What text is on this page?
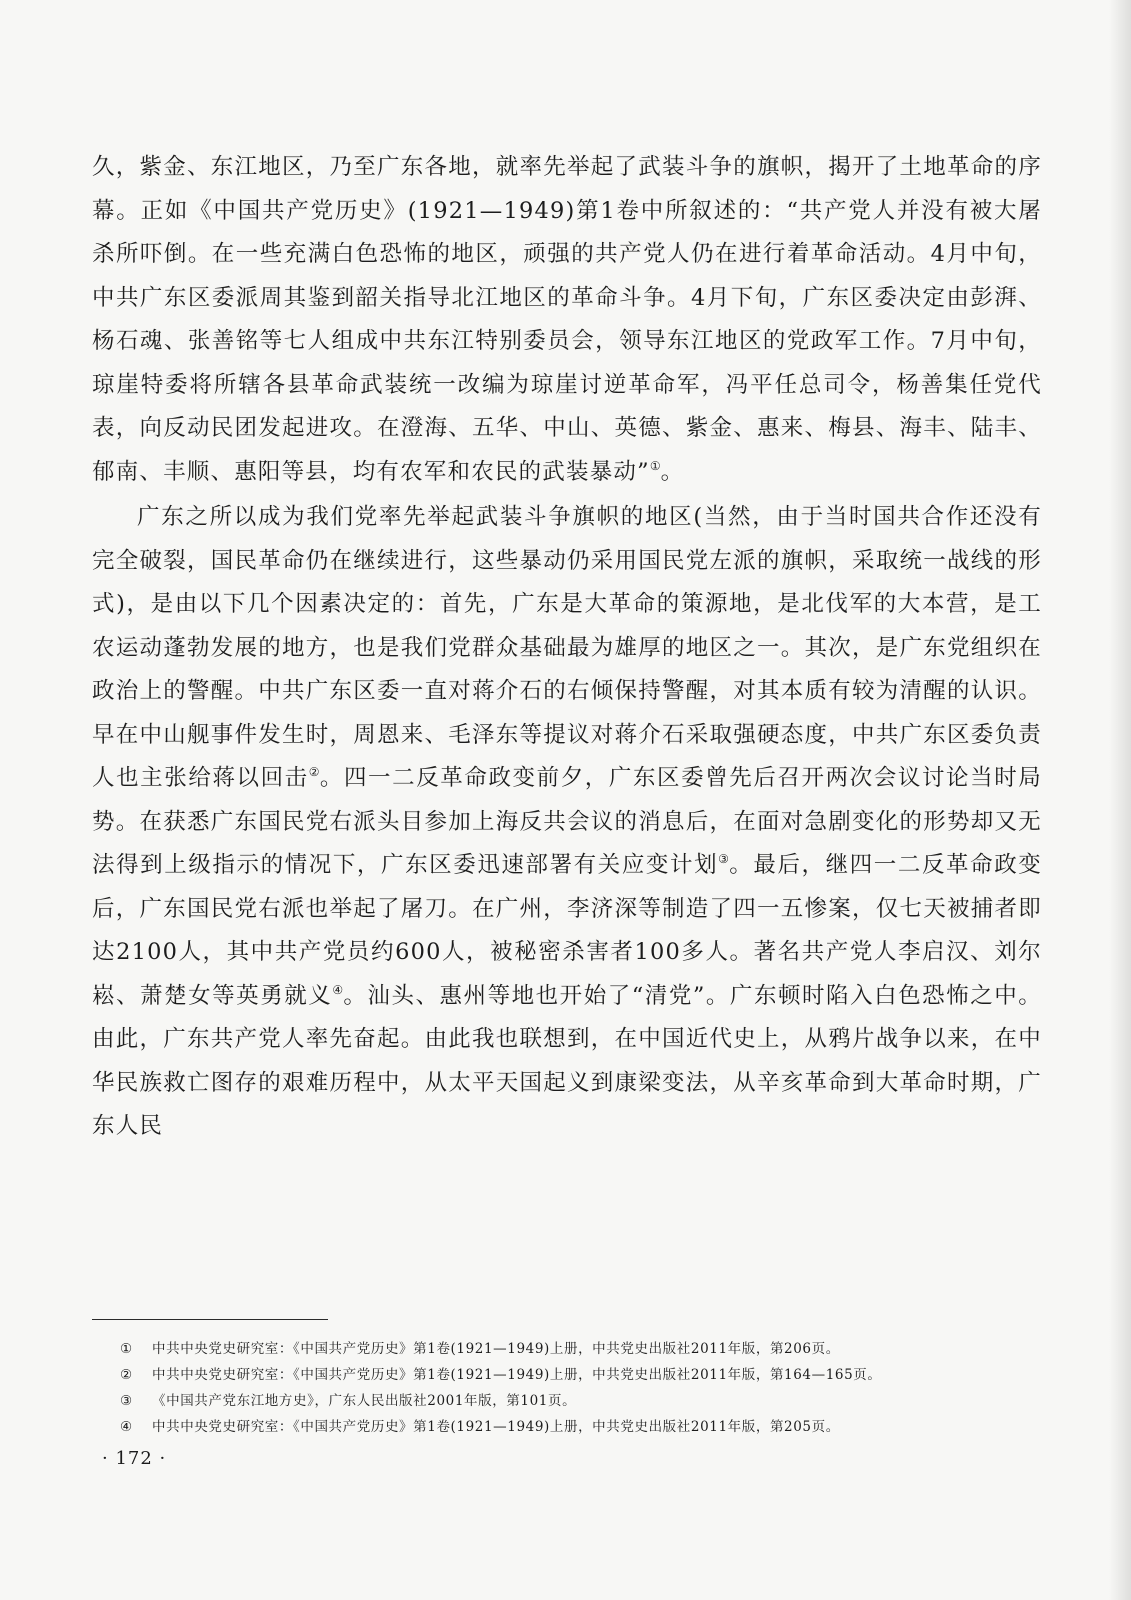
久，紫金、东江地区，乃至广东各地，就率先举起了武装斗争的旗帜，揭开了土地革命的序幕。正如《中国共产党历史》(1921—1949)第1卷中所叙述的：“共产党人并没有被大屠杀所吓倒。在一些充满白色恐怖的地区，顽强的共产党人仍在进行着革命活动。4月中旬，中共广东区委派周其鉴到韶关指导北江地区的革命斗争。4月下旬，广东区委决定由彭湃、杨石魂、张善铭等七人组成中共东江特别委员会，领导东江地区的党政军工作。7月中旬，琼崖特委将所辖各县革命武装统一改编为琼崖讨逆革命军，冯平任总司令，杨善集任党代表，向反动民团发起进攻。在澄海、五华、中山、英德、紫金、惠来、梅县、海丰、陆丰、郁南、丰顺、惠阳等县，均有农军和农民的武装暴动”①。

广东之所以成为我们党率先举起武装斗争旗帜的地区(当然，由于当时国共合作还没有完全破裂，国民革命仍在继续进行，这些暴动仍采用国民党左派的旗帜，采取统一战线的形式)，是由以下几个因素决定的：首先，广东是大革命的策源地，是北伐军的大本营，是工农运动蓬勃发展的地方，也是我们党群众基础最为雄厚的地区之一。其次，是广东党组织在政治上的警醒。中共广东区委一直对蒋介石的右倾保持警醒，对其本质有较为清醒的认识。早在中山舰事件发生时，周恩来、毛泽东等提议对蒋介石采取强硬态度，中共广东区委负责人也主张给蒋以回击②。四一二反革命政变前夕，广东区委曾先后召开两次会议讨论当时局势。在获悉广东国民党右派头目参加上海反共会议的消息后，在面对急剧变化的形势却又无法得到上级指示的情况下，广东区委迅速部署有关应变计划③。最后，继四一二反革命政变后，广东国民党右派也举起了屠刀。在广州，李济深等制造了四一五惨案，仅七天被捕者即达2100人，其中共产党员约600人，被秘密杀害者100多人。著名共产党人李启汉、刘尔崧、萧楚女等英勇就义④。汕头、惠州等地也开始了“清党”。广东顿时陷入白色恐怖之中。由此，广东共产党人率先奋起。由此我也联想到，在中国近代史上，从鸦片战争以来，在中华民族救亡图存的艰难历程中，从太平天国起义到康梁变法，从辛亥革命到大革命时期，广东人民

① 中共中央党史研究室：《中国共产党历史》第1卷(1921—1949)上册，中共党史出版社2011年版，第206页。
② 中共中央党史研究室：《中国共产党历史》第1卷(1921—1949)上册，中共党史出版社2011年版，第164—165页。
③ 《中国共产党东江地方史》，广东人民出版社2001年版，第101页。
④ 中共中央党史研究室：《中国共产党历史》第1卷(1921—1949)上册，中共党史出版社2011年版，第205页。
· 172 ·
